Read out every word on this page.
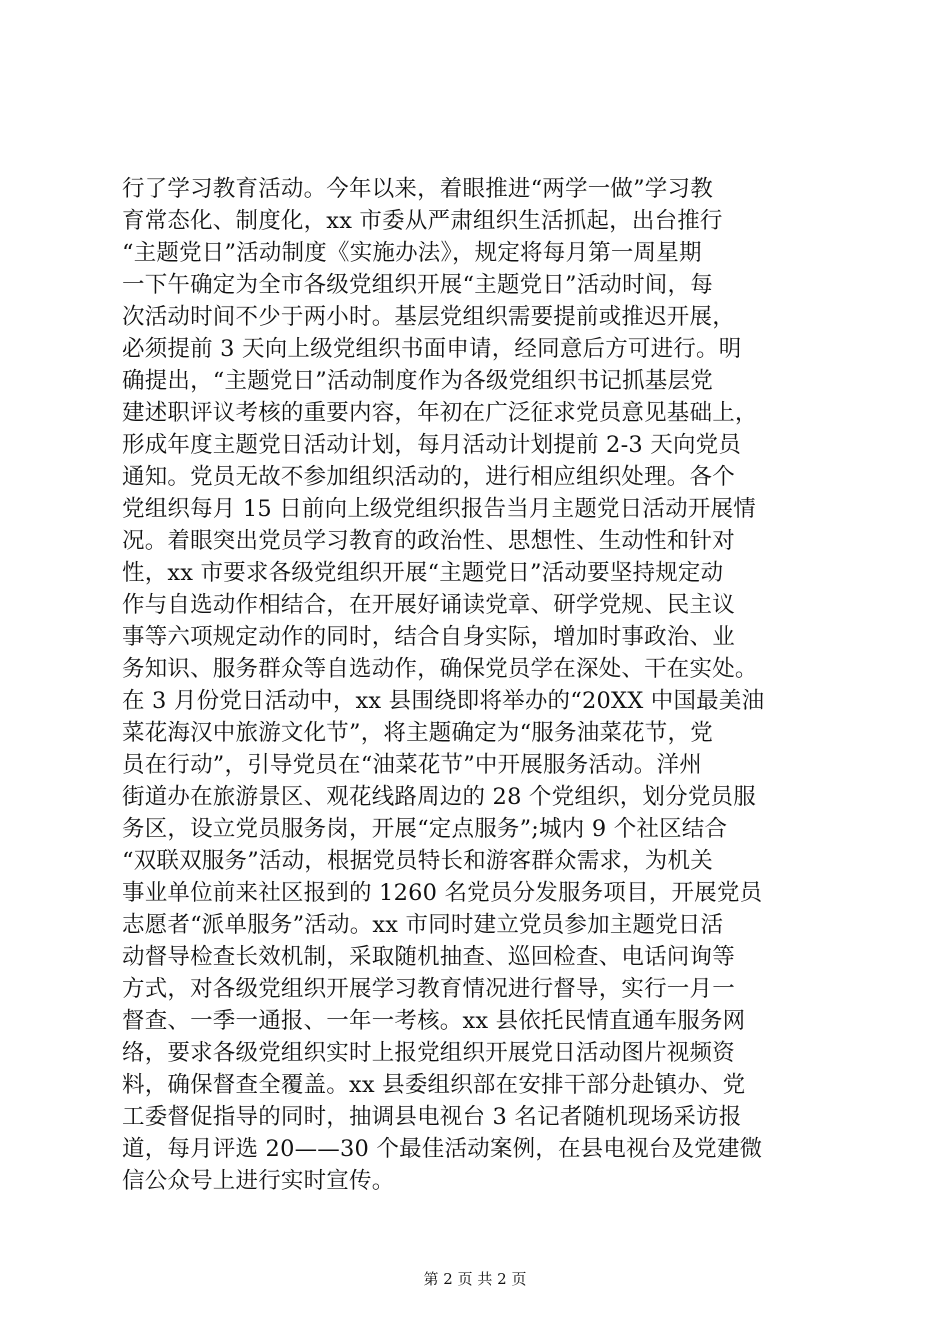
行了学习教育活动。今年以来，着眼推进“两学一做”学习教
育常态化、制度化，xx 市委从严肃组织生活抓起，出台推行
“主题党日”活动制度《实施办法》，规定将每月第一周星期
一下午确定为全市各级党组织开展“主题党日”活动时间，每
次活动时间不少于两小时。基层党组织需要提前或推迟开展，
必须提前 3 天向上级党组织书面申请，经同意后方可进行。明
确提出，“主题党日”活动制度作为各级党组织书记抓基层党
建述职评议考核的重要内容，年初在广泛征求党员意见基础上，
形成年度主题党日活动计划，每月活动计划提前 2-3 天向党员
通知。党员无故不参加组织活动的，进行相应组织处理。各个
党组织每月 15 日前向上级党组织报告当月主题党日活动开展情
况。着眼突出党员学习教育的政治性、思想性、生动性和针对
性，xx 市要求各级党组织开展“主题党日”活动要坚持规定动
作与自选动作相结合，在开展好诵读党章、研学党规、民主议
事等六项规定动作的同时，结合自身实际，增加时事政治、业
务知识、服务群众等自选动作，确保党员学在深处、干在实处。
在 3 月份党日活动中，xx 县围绕即将举办的“20XX 中国最美油
菜花海汉中旅游文化节”，将主题确定为“服务油菜花节，党
员在行动”，引导党员在“油菜花节”中开展服务活动。洋州
街道办在旅游景区、观花线路周边的 28 个党组织，划分党员服
务区，设立党员服务岗，开展“定点服务”;城内 9 个社区结合
“双联双服务”活动，根据党员特长和游客群众需求，为机关
事业单位前来社区报到的 1260 名党员分发服务项目，开展党员
志愿者“派单服务”活动。xx 市同时建立党员参加主题党日活
动督导检查长效机制，采取随机抽查、巡回检查、电话问询等
方式，对各级党组织开展学习教育情况进行督导，实行一月一
督查、一季一通报、一年一考核。xx 县依托民情直通车服务网
络，要求各级党组织实时上报党组织开展党日活动图片视频资
料，确保督查全覆盖。xx 县委组织部在安排干部分赴镇办、党
工委督促指导的同时，抽调县电视台 3 名记者随机现场采访报
道，每月评选 20——30 个最佳活动案例，在县电视台及党建微
信公众号上进行实时宣传。
第 2 页 共 2 页
